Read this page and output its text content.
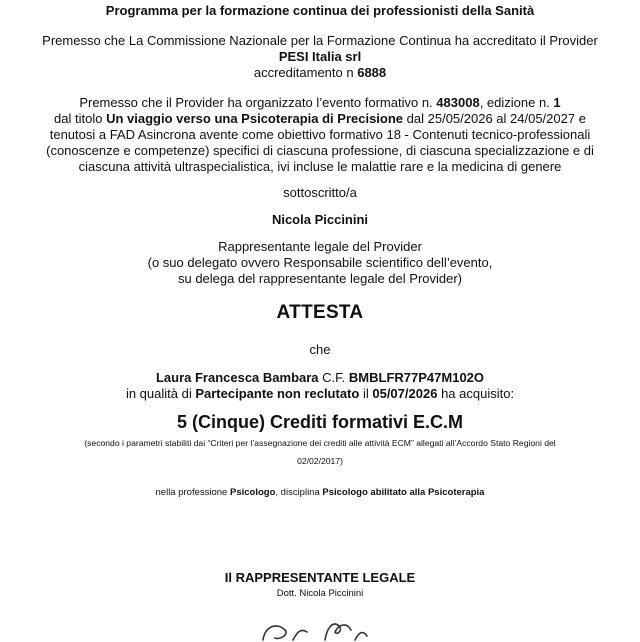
Programma per la formazione continua dei professionisti della Sanità
Premesso che La Commissione Nazionale per la Formazione Continua ha accreditato il Provider
PESI Italia srl
accreditamento n 6888
Premesso che il Provider ha organizzato l’evento formativo n. 483008, edizione n. 1
dal titolo Un viaggio verso una Psicoterapia di Precisione dal 25/05/2026 al 24/05/2027 e
tenutosi a FAD Asincrona avente come obiettivo formativo 18 - Contenuti tecnico-professionali
(conoscenze e competenze) specifici di ciascuna professione, di ciascuna specializzazione e di
ciascuna attività ultraspecialistica, ivi incluse le malattie rare e la medicina di genere
sottoscritto/a
Nicola Piccinini
Rappresentante legale del Provider
(o suo delegato ovvero Responsabile scientifico dell’evento,
su delega del rappresentante legale del Provider)
ATTESTA
che
Laura Francesca Bambara C.F. BMBLFR77P47M102O
in qualità di Partecipante non reclutato il 05/07/2026 ha acquisito:
5 (Cinque) Crediti formativi E.C.M
(secondo i parametri stabiliti dai “Criteri per l’assegnazione dei crediti alle attività ECM” allegati all’Accordo Stato Regioni del
02/02/2017)
nella professione Psicologo, disciplina Psicologo abilitato alla Psicoterapia
Il RAPPRESENTANTE LEGALE
Dott. Nicola Piccinini
